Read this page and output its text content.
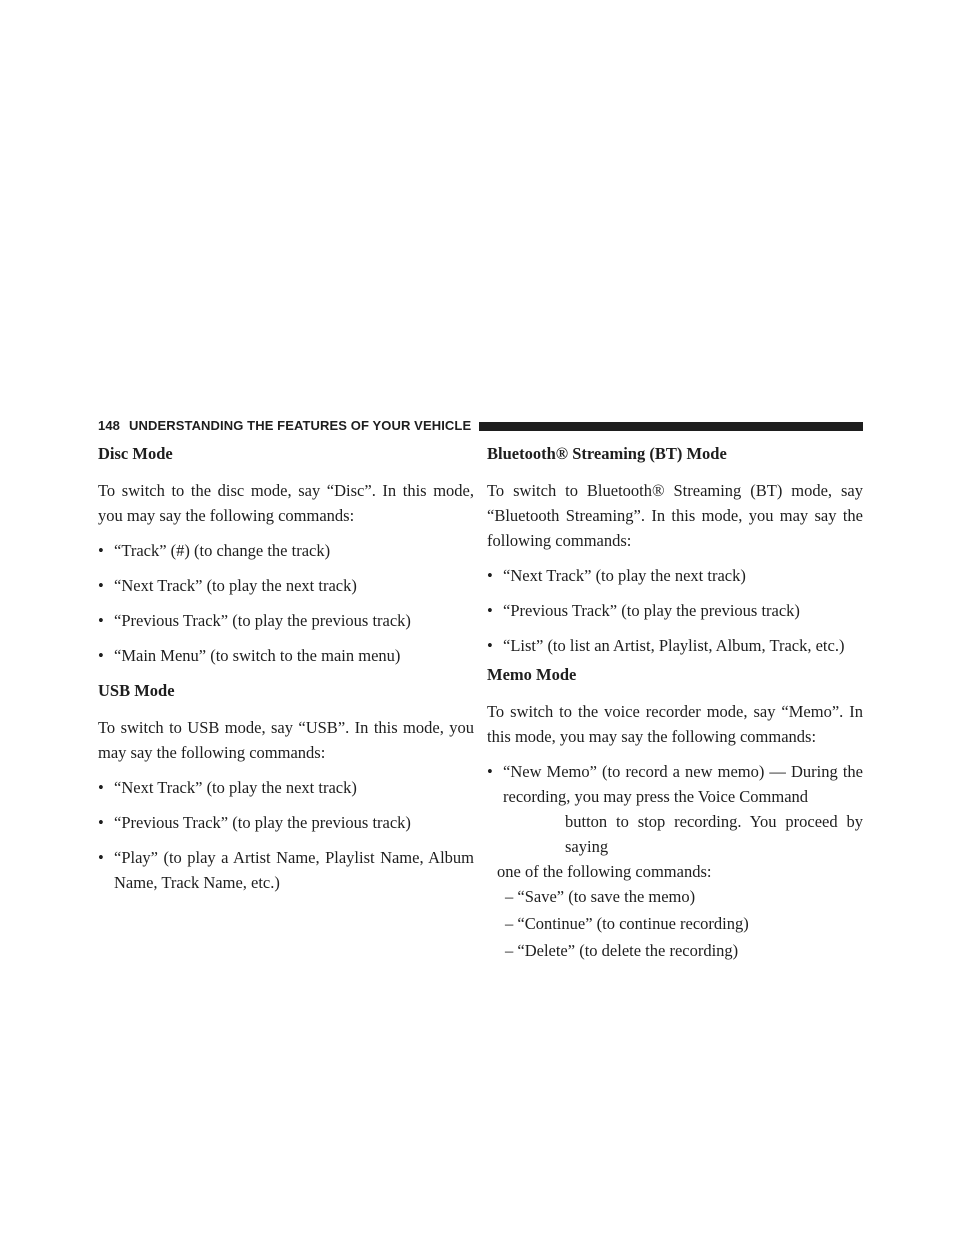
148 UNDERSTANDING THE FEATURES OF YOUR VEHICLE
Disc Mode

To switch to the disc mode, say “Disc”. In this mode, you may say the following commands:

• “Track” (#) (to change the track)
• “Next Track” (to play the next track)
• “Previous Track” (to play the previous track)
• “Main Menu” (to switch to the main menu)
USB Mode

To switch to USB mode, say “USB”. In this mode, you may say the following commands:

• “Next Track” (to play the next track)
• “Previous Track” (to play the previous track)
• “Play” (to play a Artist Name, Playlist Name, Album Name, Track Name, etc.)
Bluetooth® Streaming (BT) Mode

To switch to Bluetooth® Streaming (BT) mode, say “Bluetooth Streaming”. In this mode, you may say the following commands:

• “Next Track” (to play the next track)
• “Previous Track” (to play the previous track)
• “List” (to list an Artist, Playlist, Album, Track, etc.)
Memo Mode

To switch to the voice recorder mode, say “Memo”. In this mode, you may say the following commands:

• “New Memo” (to record a new memo) — During the recording, you may press the Voice Command
button to stop recording. You proceed by saying
one of the following commands:
– “Save” (to save the memo)
– “Continue” (to continue recording)
– “Delete” (to delete the recording)
